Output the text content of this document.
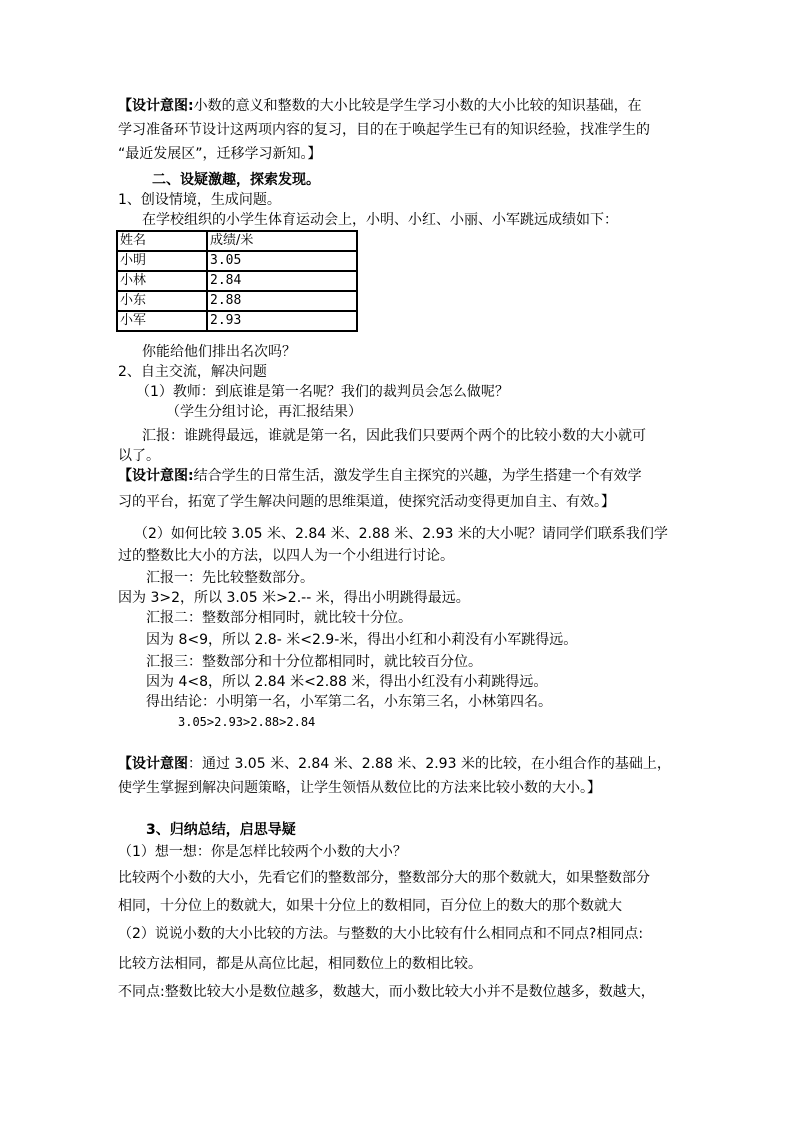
【设计意图:小数的意义和整数的大小比较是学生学习小数的大小比较的知识基础，在
学习准备环节设计这两项内容的复习，目的在于唤起学生已有的知识经验，找准学生的
“最近发展区”，迁移学习新知。】
二、设疑激趣，探索发现。
1、创设情境，生成问题。
在学校组织的小学生体育运动会上，小明、小红、小丽、小军跳远成绩如下：
姓名	成绩/米
小明	3.05
小林	2.84
小东	2.88
小军	2.93
你能给他们排出名次吗？
2、自主交流，解决问题
（1）教师：到底谁是第一名呢？我们的裁判员会怎么做呢？
（学生分组讨论，再汇报结果）
汇报：谁跳得最远，谁就是第一名，因此我们只要两个两个的比较小数的大小就可
以了。
【设计意图:结合学生的日常生活，激发学生自主探究的兴趣，为学生搭建一个有效学
习的平台，拓宽了学生解决问题的思维渠道，使探究活动变得更加自主、有效。】
（2）如何比较 3.05 米、2.84 米、2.88 米、2.93 米的大小呢？请同学们联系我们学
过的整数比大小的方法，以四人为一个小组进行讨论。
汇报一：先比较整数部分。
因为 3>2，所以 3.05 米>2.-- 米，得出小明跳得最远。
汇报二：整数部分相同时，就比较十分位。
因为 8<9，所以 2.8- 米<2.9-米，得出小红和小莉没有小军跳得远。
汇报三：整数部分和十分位都相同时，就比较百分位。
因为 4<8，所以 2.84 米<2.88 米，得出小红没有小莉跳得远。
得出结论：小明第一名，小军第二名，小东第三名，小林第四名。
3.05>2.93>2.88>2.84
【设计意图：通过 3.05 米、2.84 米、2.88 米、2.93 米的比较，在小组合作的基础上，
使学生掌握到解决问题策略，让学生领悟从数位比的方法来比较小数的大小。】
3、归纳总结，启思导疑
（1）想一想：你是怎样比较两个小数的大小？
比较两个小数的大小，先看它们的整数部分，整数部分大的那个数就大，如果整数部分
相同，十分位上的数就大，如果十分位上的数相同，百分位上的数大的那个数就大
（2）说说小数的大小比较的方法。与整数的大小比较有什么相同点和不同点?相同点:
比较方法相同，都是从高位比起，相同数位上的数相比较。
不同点:整数比较大小是数位越多，数越大，而小数比较大小并不是数位越多，数越大，
